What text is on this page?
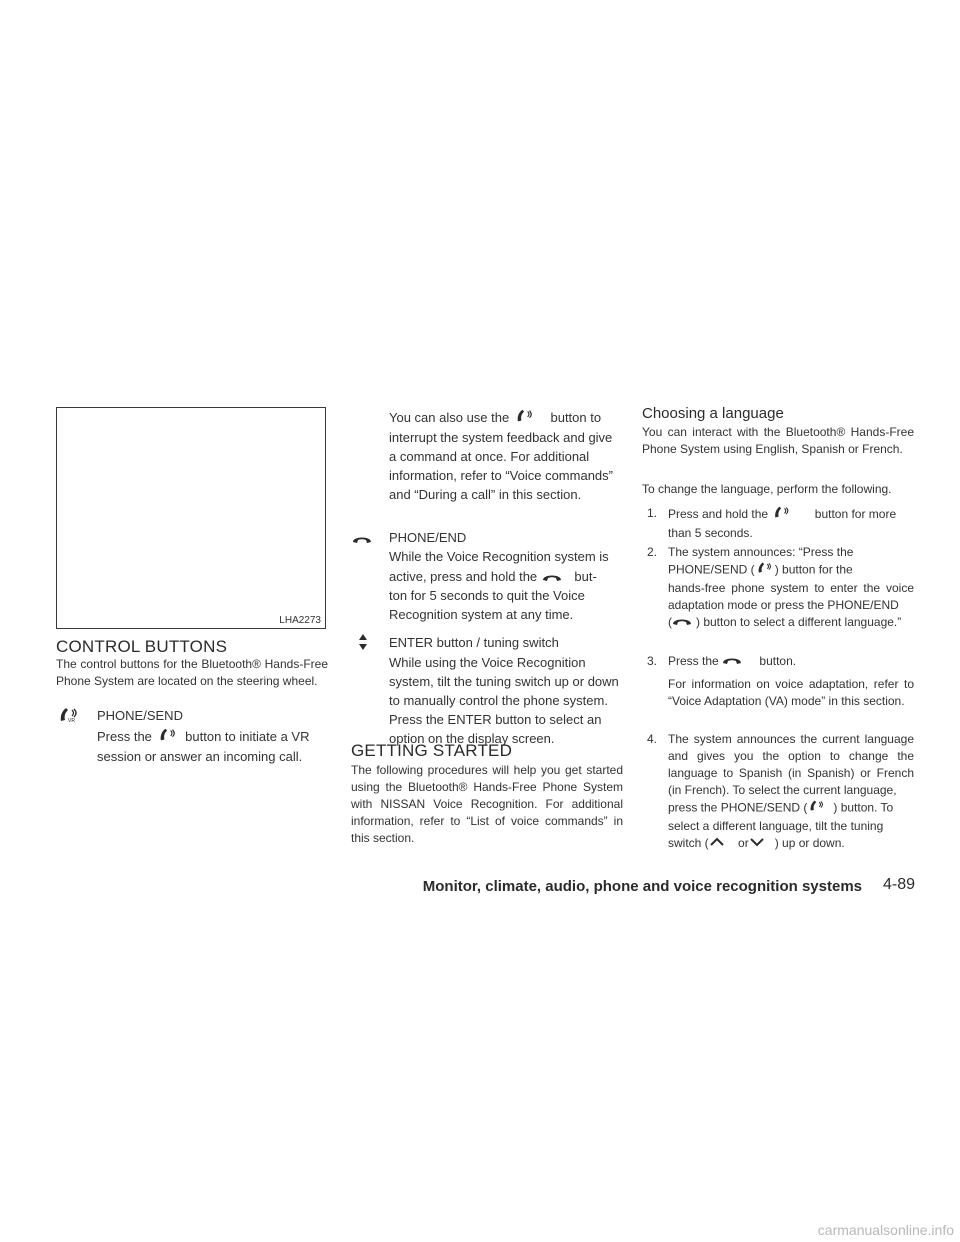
LHA2273
CONTROL BUTTONS
The control buttons for the Bluetooth® Hands-Free Phone System are located on the steering wheel.
VR PHONE/SEND
Press the	button to initiate a VR
session or answer an incoming call.
You can also use the	button to
interrupt the system feedback and give a command at once. For additional information, refer to “Voice commands” and “During a call” in this section.
PHONE/END
While the Voice Recognition system is
active, press and hold the	but-
ton for 5 seconds to quit the Voice Recognition system at any time.
ENTER button / tuning switch
While using the Voice Recognition system, tilt the tuning switch up or down to manually control the phone system. Press the ENTER button to select an option on the display screen.
GETTING STARTED
The following procedures will help you get started using the Bluetooth® Hands-Free Phone System with NISSAN Voice Recognition. For additional information, refer to “List of voice commands” in this section.
Choosing a language
You can interact with the Bluetooth® Hands-Free Phone System using English, Spanish or French.
To change the language, perform the following.
1. Press and hold the	button for more
than 5 seconds.
2. The system announces: “Press the
PHONE/SEND ( ) button for the
hands-free phone system to enter the voice adaptation mode or press the PHONE/END
( ) button to select a different language.”
3. Press the	button.
For information on voice adaptation, refer to “Voice Adaptation (VA) mode” in this section.
4. The system announces the current language and gives you the option to change the language to Spanish (in Spanish) or French (in French). To select the current language,
press the PHONE/SEND ( ) button. To
select a different language, tilt the tuning
switch ( or ) up or down.
Monitor, climate, audio, phone and voice recognition systems 4-89
carmanualsonline.info
